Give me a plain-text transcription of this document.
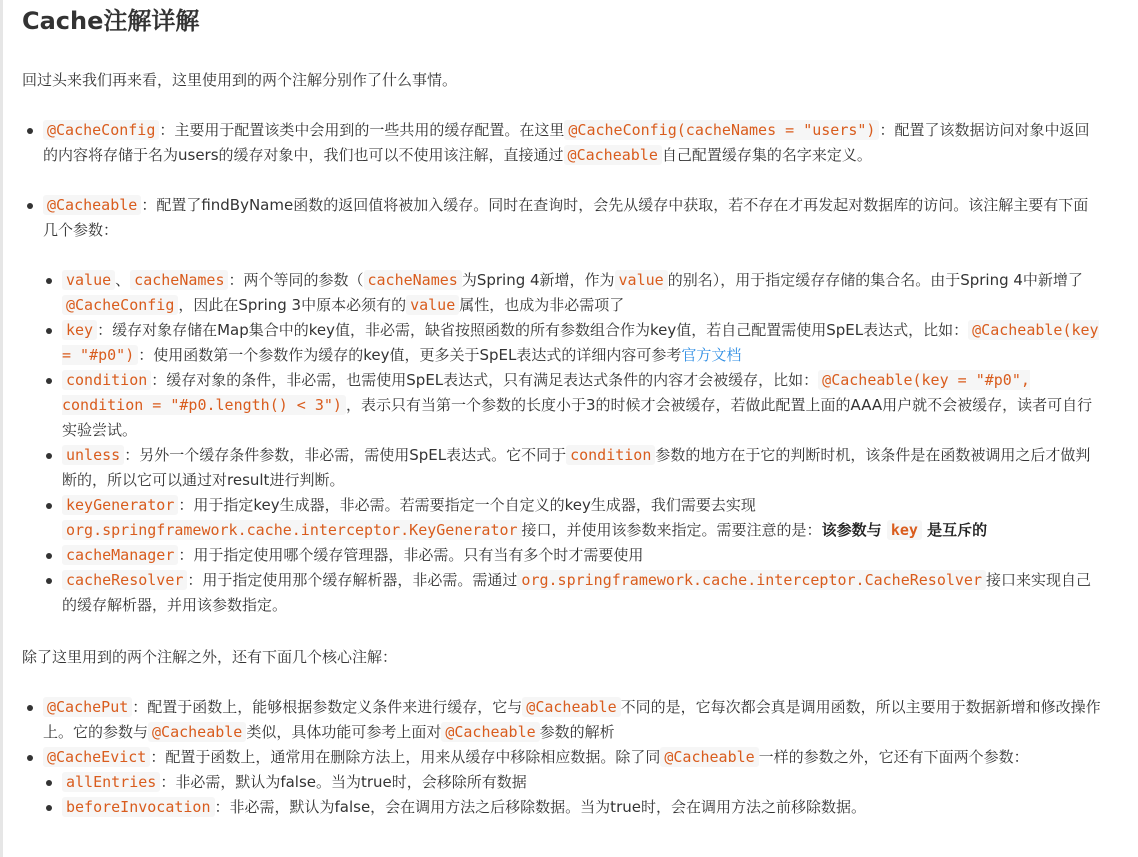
Cache注解详解

回过头来我们再来看，这里使用到的两个注解分别作了什么事情。

@CacheConfig ：主要用于配置该类中会用到的一些共用的缓存配置。在这里 @CacheConfig(cacheNames = "users") ：配置了该数据访问对象中返回的内容将存储于名为users的缓存对象中，我们也可以不使用该注解，直接通过 @Cacheable 自己配置缓存集的名字来定义。
@Cacheable ：配置了findByName函数的返回值将被加入缓存。同时在查询时，会先从缓存中获取，若不存在才再发起对数据库的访问。该注解主要有下面几个参数：
value 、 cacheNames ：两个等同的参数（ cacheNames 为Spring 4新增，作为 value 的别名），用于指定缓存存储的集合名。由于Spring 4中新增了@CacheConfig ，因此在Spring 3中原本必须有的 value 属性，也成为非必需项了
key ：缓存对象存储在Map集合中的key值，非必需，缺省按照函数的所有参数组合作为key值，若自己配置需使用SpEL表达式，比如： @Cacheable(key = "#p0") ：使用函数第一个参数作为缓存的key值，更多关于SpEL表达式的详细内容可参考官方文档
condition ：缓存对象的条件，非必需，也需使用SpEL表达式，只有满足表达式条件的内容才会被缓存，比如： @Cacheable(key = "#p0", condition = "#p0.length() < 3") ，表示只有当第一个参数的长度小于3的时候才会被缓存，若做此配置上面的AAA用户就不会被缓存，读者可自行实验尝试。
unless ：另外一个缓存条件参数，非必需，需使用SpEL表达式。它不同于 condition 参数的地方在于它的判断时机，该条件是在函数被调用之后才做判断的，所以它可以通过对result进行判断。
keyGenerator ：用于指定key生成器，非必需。若需要指定一个自定义的key生成器，我们需要去实现org.springframework.cache.interceptor.KeyGenerator 接口，并使用该参数来指定。需要注意的是：该参数与 key 是互斥的
cacheManager ：用于指定使用哪个缓存管理器，非必需。只有当有多个时才需要使用
cacheResolver ：用于指定使用那个缓存解析器，非必需。需通过 org.springframework.cache.interceptor.CacheResolver 接口来实现自己的缓存解析器，并用该参数指定。

除了这里用到的两个注解之外，还有下面几个核心注解：

@CachePut ：配置于函数上，能够根据参数定义条件来进行缓存，它与 @Cacheable 不同的是，它每次都会真是调用函数，所以主要用于数据新增和修改操作上。它的参数与 @Cacheable 类似，具体功能可参考上面对 @Cacheable 参数的解析
@CacheEvict ：配置于函数上，通常用在删除方法上，用来从缓存中移除相应数据。除了同 @Cacheable 一样的参数之外，它还有下面两个参数：
allEntries ：非必需，默认为false。当为true时，会移除所有数据
beforeInvocation ：非必需，默认为false，会在调用方法之后移除数据。当为true时，会在调用方法之前移除数据。
